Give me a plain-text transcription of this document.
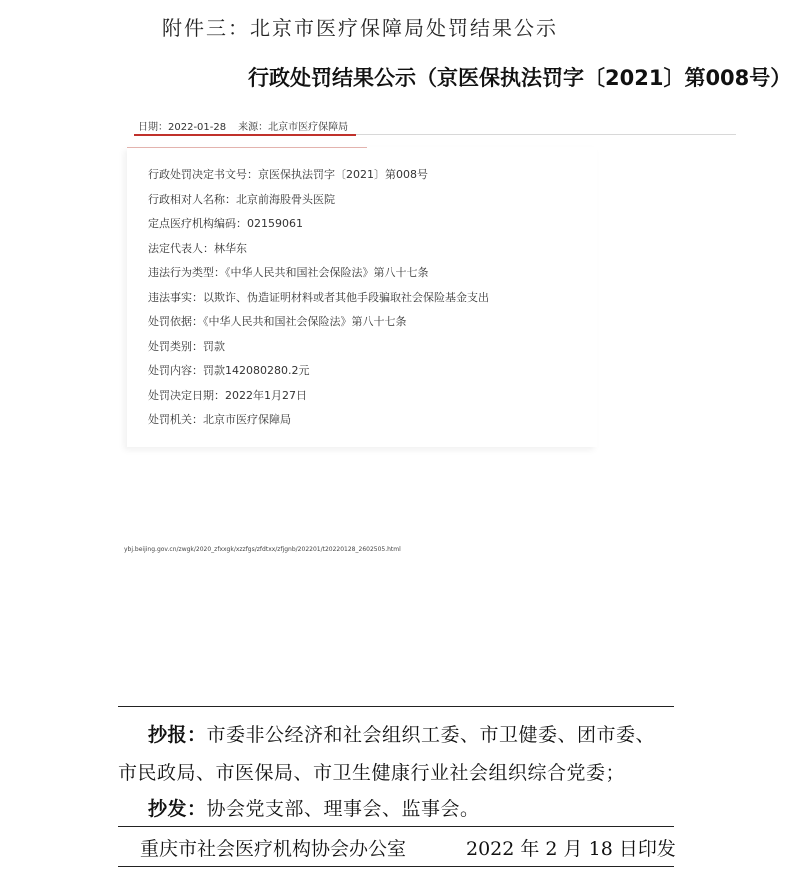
附件三：北京市医疗保障局处罚结果公示
行政处罚结果公示（京医保执法罚字〔2021〕第008号）
日期：2022-01-28 来源：北京市医疗保障局
行政处罚决定书文号：京医保执法罚字〔2021〕第008号
行政相对人名称：北京前海股骨头医院
定点医疗机构编码：02159061
法定代表人：林华东
违法行为类型：《中华人民共和国社会保险法》第八十七条
违法事实：以欺诈、伪造证明材料或者其他手段骗取社会保险基金支出
处罚依据：《中华人民共和国社会保险法》第八十七条
处罚类别：罚款
处罚内容：罚款142080280.2元
处罚决定日期：2022年1月27日
处罚机关：北京市医疗保障局
ybj.beijing.gov.cn/zwgk/2020_zfxxgk/xzzfgs/zfdtxx/zfjgnb/202201/t20220128_2602505.html
抄报：市委非公经济和社会组织工委、市卫健委、团市委、
市民政局、市医保局、市卫生健康行业社会组织综合党委；
抄发：协会党支部、理事会、监事会。
重庆市社会医疗机构协会办公室	2022 年 2 月 18 日印发
